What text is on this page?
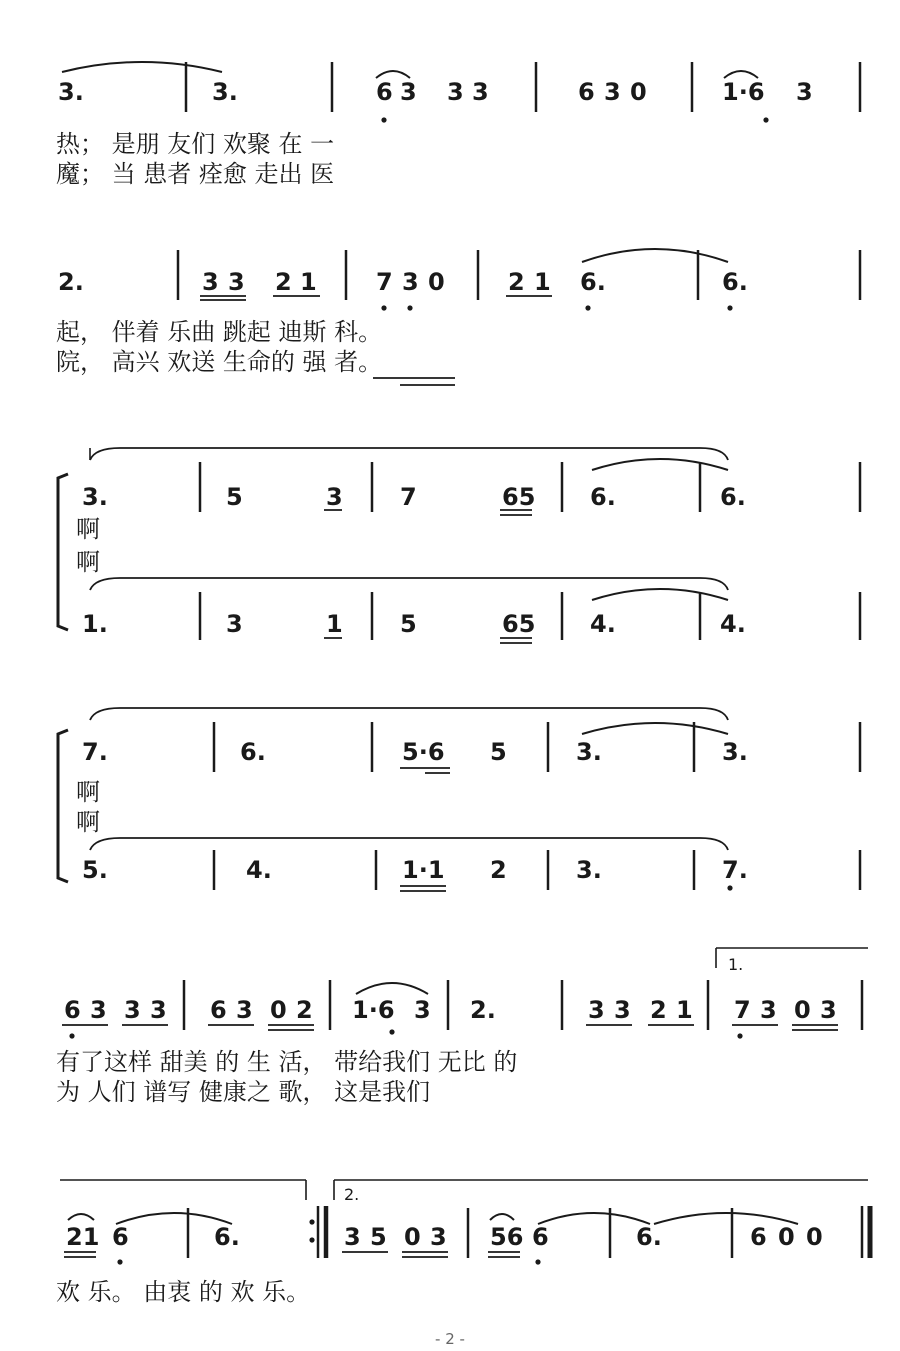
3.	3.	6 3 3 3	6 3 0	1·6 3
2.	3 3 2 1 7 3 0	2 1 6.	6.
3.	5	3 7	65 6.	6.
1.	3	1 5	65 4.	4.
7.	6.	5·6 5	3.	3.
5.	4.	1·1 2	3.	7.
1.
6 3 3 3 6 3 0 2 1·6 3 2.	3 3 2 1 7 3 0 3
2.
21 6	6.	3 5 0 3 56 6	6.	6 0 0
热； 是朋 友们 欢聚 在 一
魔； 当 患者 痊愈 走出 医
起， 伴着 乐曲 跳起 迪斯 科。
院， 高兴 欢送 生命的 强 者。
啊
啊
啊
啊
有了这样 甜美 的 生 活， 带给我们 无比 的
为 人们 谱写 健康之 歌， 这是我们
欢 乐。 由衷 的 欢 乐。
- 2 -
